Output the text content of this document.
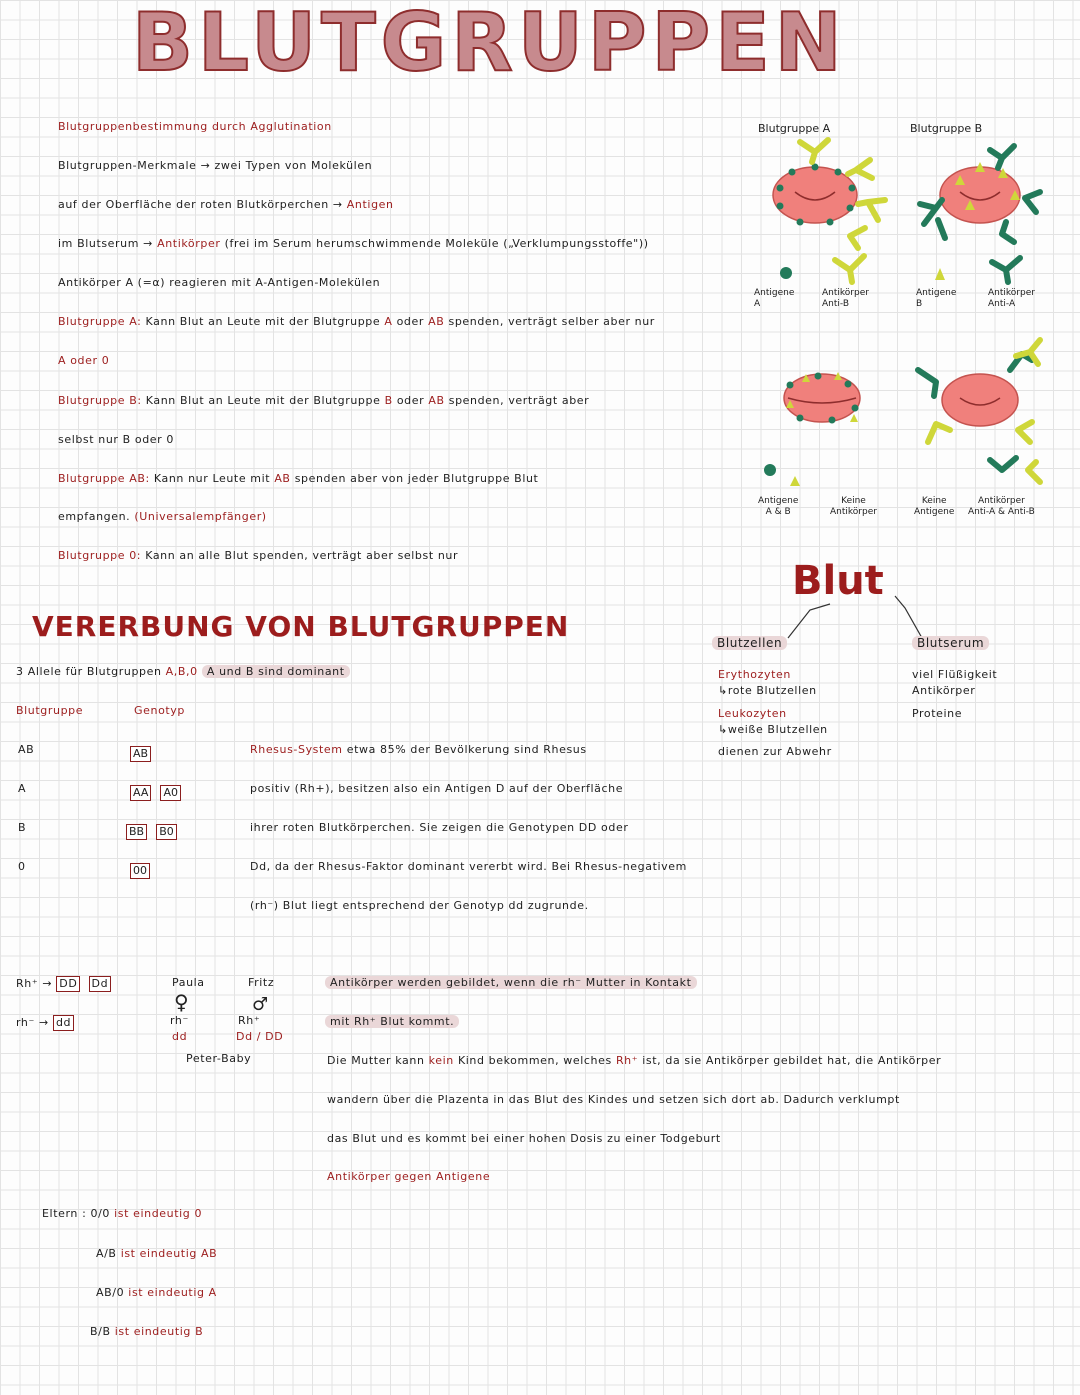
BLUTGRUPPEN
Blutgruppenbestimmung durch Agglutination
Blutgruppen-Merkmale → zwei Typen von Molekülen
auf der Oberfläche der roten Blutkörperchen → Antigen
im Blutserum → Antikörper (frei im Serum herumschwimmende Moleküle („Verklumpungsstoffe"))
Antikörper A (=α) reagieren mit A-Antigen-Molekülen
Blutgruppe A: Kann Blut an Leute mit der Blutgruppe A oder AB spenden, verträgt selber aber nur
A oder 0
Blutgruppe B: Kann Blut an Leute mit der Blutgruppe B oder AB spenden, verträgt aber
selbst nur B oder 0
Blutgruppe AB: Kann nur Leute mit AB spenden aber von jeder Blutgruppe Blut
empfangen. (Universalempfänger)
Blutgruppe 0: Kann an alle Blut spenden, verträgt aber selbst nur
Blutgruppe A	Blutgruppe B
Antigene
A
Antikörper
Anti-B
Antigene
B
Antikörper
Anti-A
Antigene
A & B
Keine
Antikörper
Keine
Antigene
Antikörper
Anti-A & Anti-B
Blut
Blutzellen	Blutserum
Erythozyten
↳rote Blutzellen
Leukozyten
↳weiße Blutzellen
dienen zur Abwehr
viel Flüßigkeit
Antikörper
Proteine
VERERBUNG VON BLUTGRUPPEN
3 Allele für Blutgruppen A,B,0 A und B sind dominant
Blutgruppe	Genotyp
AB	AB
A	AA A0
B	BB B0
0	00
Rhesus-System etwa 85% der Bevölkerung sind Rhesus
positiv (Rh+), besitzen also ein Antigen D auf der Oberfläche
ihrer roten Blutkörperchen. Sie zeigen die Genotypen DD oder
Dd, da der Rhesus-Faktor dominant vererbt wird. Bei Rhesus-negativem
(rh⁻) Blut liegt entsprechend der Genotyp dd zugrunde.
Rh⁺ → DD Dd
rh⁻ → dd
Paula	Fritz
♀	♂
rh⁻
dd
Rh⁺
Dd / DD
Peter-Baby
Antikörper werden gebildet, wenn die rh⁻ Mutter in Kontakt
mit Rh⁺ Blut kommt.
Die Mutter kann kein Kind bekommen, welches Rh⁺ ist, da sie Antikörper gebildet hat, die Antikörper
wandern über die Plazenta in das Blut des Kindes und setzen sich dort ab. Dadurch verklumpt
das Blut und es kommt bei einer hohen Dosis zu einer Todgeburt
Antikörper gegen Antigene
Eltern : 0/0 ist eindeutig 0
A/B ist eindeutig AB
AB/0 ist eindeutig A
B/B ist eindeutig B
